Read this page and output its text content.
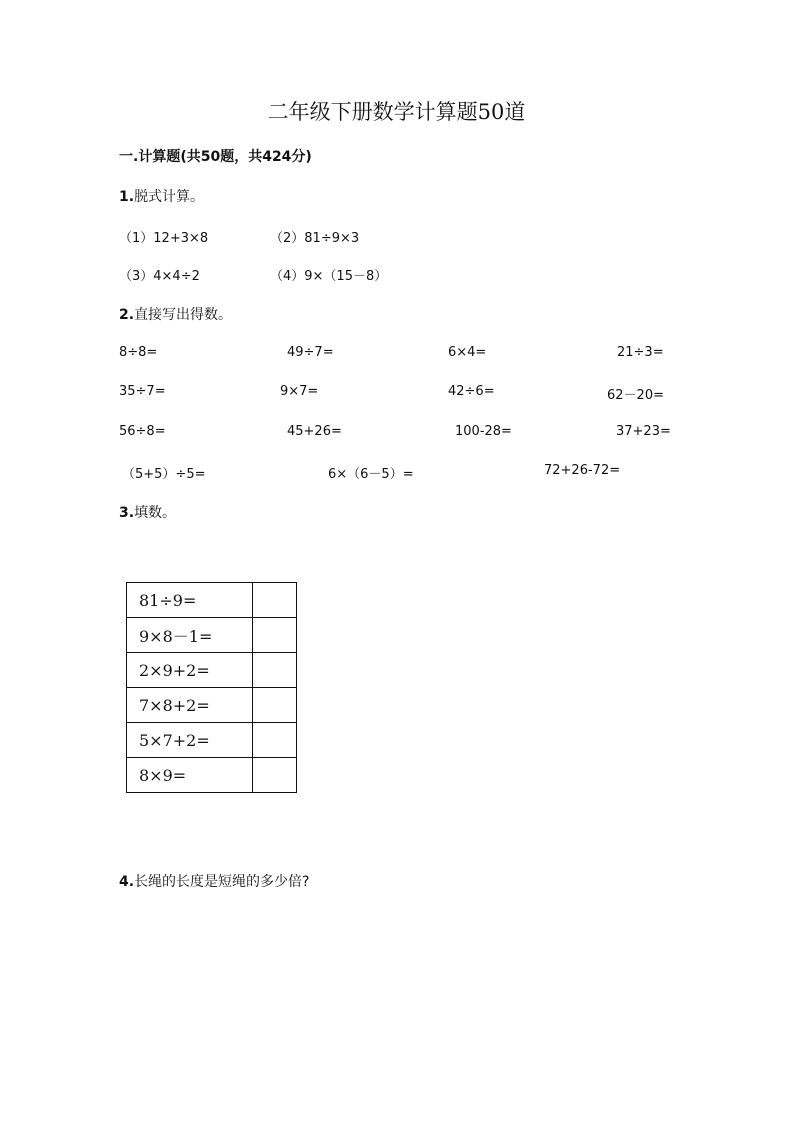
二年级下册数学计算题50道
一.计算题(共50题，共424分)
1.脱式计算。
（1）12+3×8	（2）81÷9×3
（3）4×4÷2	（4）9×（15－8）
2.直接写出得数。
8÷8=	49÷7=	6×4=	21÷3=
35÷7=	9×7=	42÷6=	62－20=
56÷8=	45+26=	100-28=	37+23=
（5+5）÷5=	6×（6－5）=	72+26-72=
3.填数。
81÷9=	
9×8－1=	
2×9+2=	
7×8+2=	
5×7+2=	
8×9=	
4.长绳的长度是短绳的多少倍?
